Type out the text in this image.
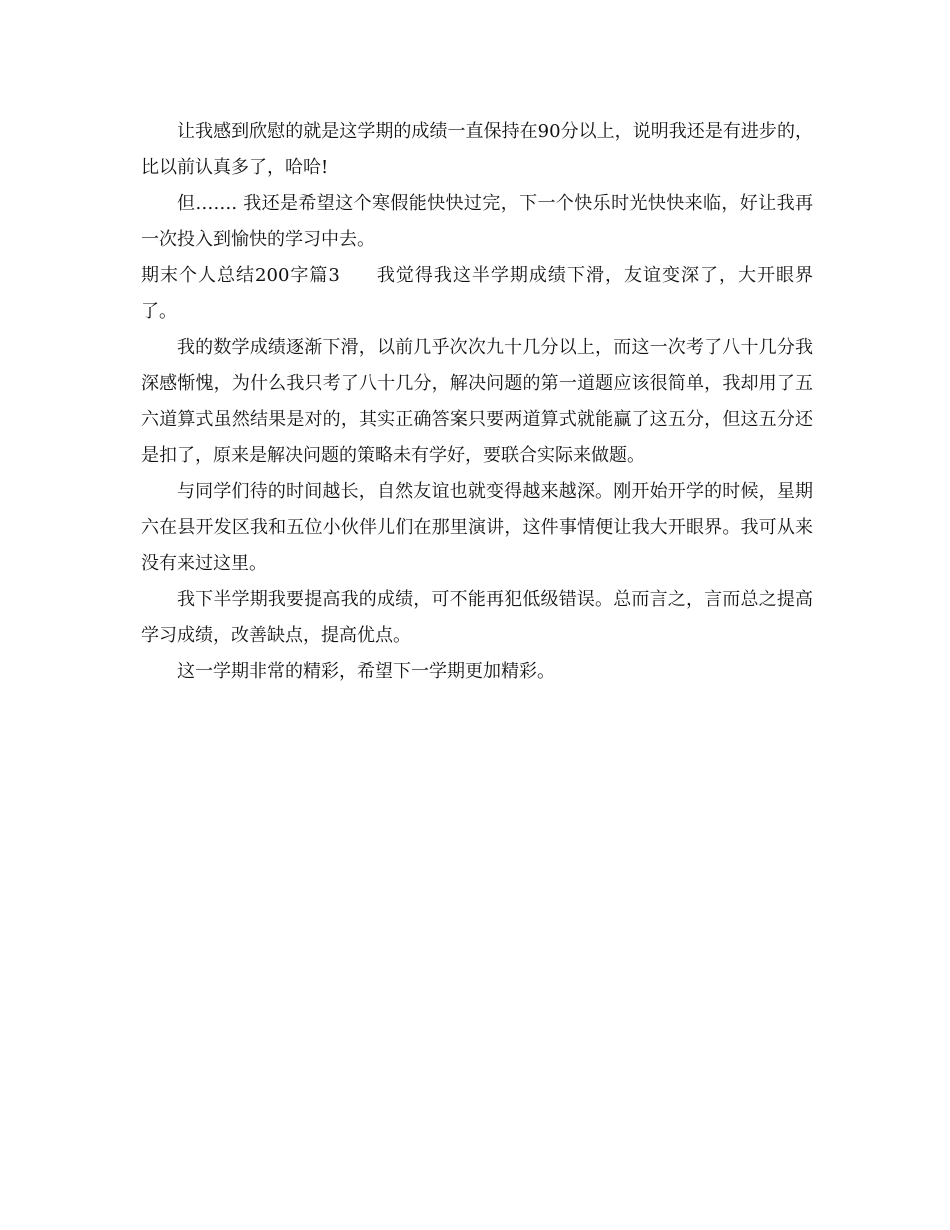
让我感到欣慰的就是这学期的成绩一直保持在90分以上，说明我还是有进步的，比以前认真多了，哈哈!

但……. 我还是希望这个寒假能快快过完，下一个快乐时光快快来临，好让我再一次投入到愉快的学习中去。

期末个人总结200字篇3 我觉得我这半学期成绩下滑，友谊变深了，大开眼界了。

我的数学成绩逐渐下滑，以前几乎次次九十几分以上，而这一次考了八十几分我深感惭愧，为什么我只考了八十几分，解决问题的第一道题应该很简单，我却用了五六道算式虽然结果是对的，其实正确答案只要两道算式就能赢了这五分，但这五分还是扣了，原来是解决问题的策略未有学好，要联合实际来做题。

与同学们待的时间越长，自然友谊也就变得越来越深。刚开始开学的时候，星期六在县开发区我和五位小伙伴儿们在那里演讲，这件事情便让我大开眼界。我可从来没有来过这里。

我下半学期我要提高我的成绩，可不能再犯低级错误。总而言之，言而总之提高学习成绩，改善缺点，提高优点。

这一学期非常的精彩，希望下一学期更加精彩。
